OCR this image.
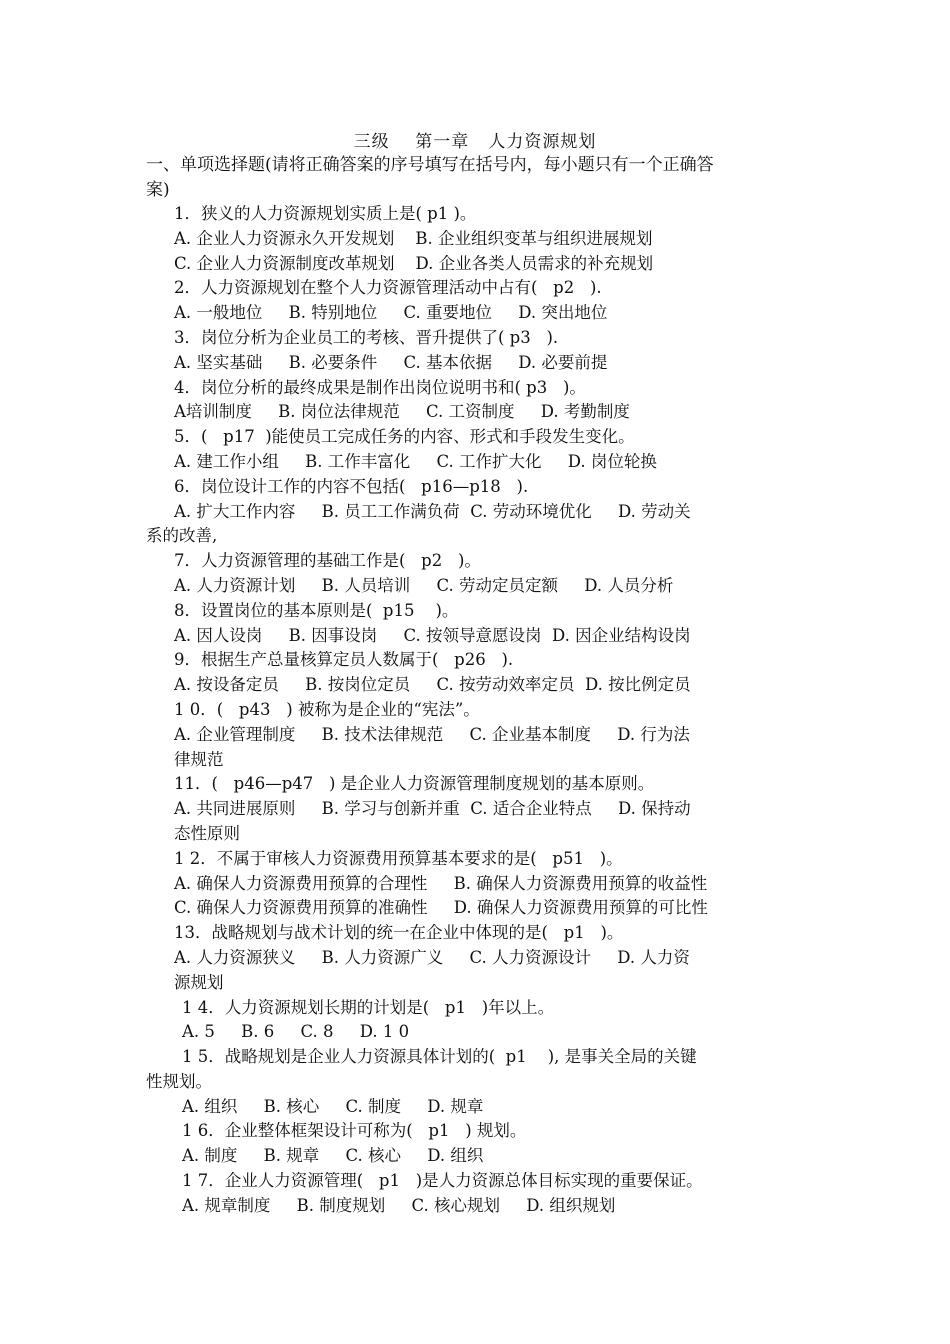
三级    第一章   人力资源规划
一、单项选择题(请将正确答案的序号填写在括号内，每小题只有一个正确答
案)
1．狭义的人力资源规划实质上是( p1 )。
A. 企业人力资源永久开发规划    B. 企业组织变革与组织进展规划
C. 企业人力资源制度改革规划    D. 企业各类人员需求的补充规划
2．人力资源规划在整个人力资源管理活动中占有(   p2   ).
A. 一般地位     B. 特别地位     C. 重要地位     D. 突出地位
3．岗位分析为企业员工的考核、晋升提供了( p3   ).
A. 坚实基础     B. 必要条件     C. 基本依据     D. 必要前提
4．岗位分析的最终成果是制作出岗位说明书和( p3   )。
A培训制度     B. 岗位法律规范     C. 工资制度     D. 考勤制度
5．(   p17  )能使员工完成任务的内容、形式和手段发生变化。
A. 建工作小组     B. 工作丰富化     C. 工作扩大化     D. 岗位轮换
6．岗位设计工作的内容不包括(   p16—p18   ).
A. 扩大工作内容     B. 员工工作满负荷  C. 劳动环境优化     D. 劳动关
系的改善,
7．人力资源管理的基础工作是(   p2   )。
A. 人力资源计划     B. 人员培训     C. 劳动定员定额     D. 人员分析
8．设置岗位的基本原则是(  p15    )。
A. 因人设岗     B. 因事设岗     C. 按领导意愿设岗  D. 因企业结构设岗
9．根据生产总量核算定员人数属于(   p26   ).
A. 按设备定员     B. 按岗位定员     C. 按劳动效率定员  D. 按比例定员
1 0．(   p43   ) 被称为是企业的“宪法”。
A. 企业管理制度     B. 技术法律规范     C. 企业基本制度     D. 行为法
律规范
11．(   p46—p47   ) 是企业人力资源管理制度规划的基本原则。
A. 共同进展原则     B. 学习与创新并重  C. 适合企业特点     D. 保持动
态性原则
1 2．不属于审核人力资源费用预算基本要求的是(   p51   )。
A. 确保人力资源费用预算的合理性     B. 确保人力资源费用预算的收益性
C. 确保人力资源费用预算的准确性     D. 确保人力资源费用预算的可比性
13．战略规划与战术计划的统一在企业中体现的是(   p1   )。
A. 人力资源狭义     B. 人力资源广义     C. 人力资源设计     D. 人力资
源规划
1 4．人力资源规划长期的计划是(   p1   )年以上。
A. 5     B. 6     C. 8     D. 1 0
1 5．战略规划是企业人力资源具体计划的(  p1    ), 是事关全局的关键
性规划。
A. 组织     B. 核心     C. 制度     D. 规章
1 6．企业整体框架设计可称为(   p1   ) 规划。
A. 制度     B. 规章     C. 核心     D. 组织
1 7．企业人力资源管理(   p1   )是人力资源总体目标实现的重要保证。
A. 规章制度     B. 制度规划     C. 核心规划     D. 组织规划
